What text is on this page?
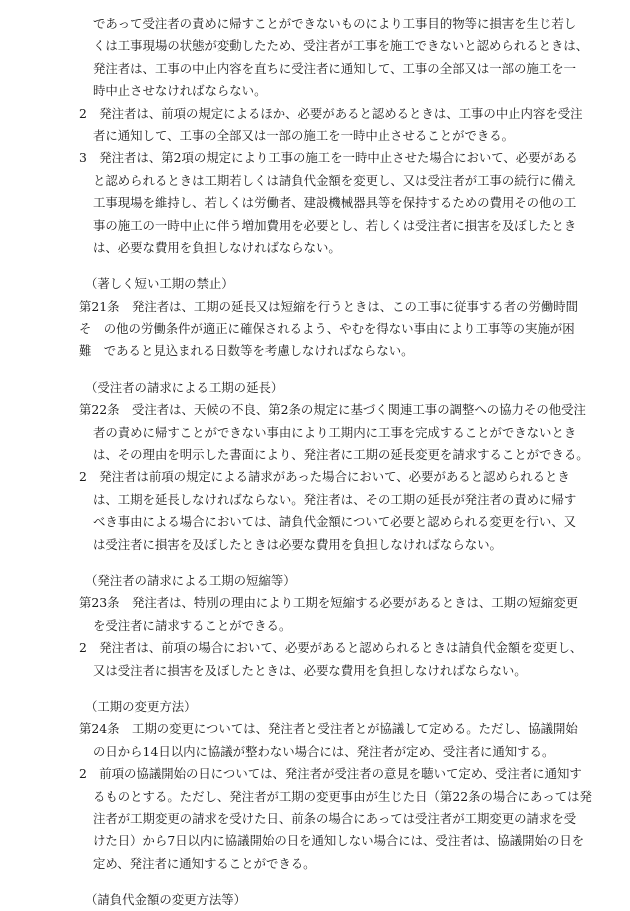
であって受注者の責めに帰すことができないものにより工事目的物等に損害を生じ若し
くは工事現場の状態が変動したため、受注者が工事を施工できないと認められるときは、
発注者は、工事の中止内容を直ちに受注者に通知して、工事の全部又は一部の施工を一
時中止させなければならない。
2　発注者は、前項の規定によるほか、必要があると認めるときは、工事の中止内容を受注
者に通知して、工事の全部又は一部の施工を一時中止させることができる。
3　発注者は、第2項の規定により工事の施工を一時中止させた場合において、必要がある
と認められるときは工期若しくは請負代金額を変更し、又は受注者が工事の続行に備え
工事現場を維持し、若しくは労働者、建設機械器具等を保持するための費用その他の工
事の施工の一時中止に伴う増加費用を必要とし、若しくは受注者に損害を及ぼしたとき
は、必要な費用を負担しなければならない。
（著しく短い工期の禁止）
第21条　発注者は、工期の延長又は短縮を行うときは、この工事に従事する者の労働時間
そ　の他の労働条件が適正に確保されるよう、やむを得ない事由により工事等の実施が困
難　であると見込まれる日数等を考慮しなければならない。
（受注者の請求による工期の延長）
第22条　受注者は、天候の不良、第2条の規定に基づく関連工事の調整への協力その他受注
者の責めに帰すことができない事由により工期内に工事を完成することができないとき
は、その理由を明示した書面により、発注者に工期の延長変更を請求することができる。
2　発注者は前項の規定による請求があった場合において、必要があると認められるとき
は、工期を延長しなければならない。発注者は、その工期の延長が発注者の責めに帰す
べき事由による場合においては、請負代金額について必要と認められる変更を行い、又
は受注者に損害を及ぼしたときは必要な費用を負担しなければならない。
（発注者の請求による工期の短縮等）
第23条　発注者は、特別の理由により工期を短縮する必要があるときは、工期の短縮変更
を受注者に請求することができる。
2　発注者は、前項の場合において、必要があると認められるときは請負代金額を変更し、
又は受注者に損害を及ぼしたときは、必要な費用を負担しなければならない。
（工期の変更方法）
第24条　工期の変更については、発注者と受注者とが協議して定める。ただし、協議開始
の日から14日以内に協議が整わない場合には、発注者が定め、受注者に通知する。
2　前項の協議開始の日については、発注者が受注者の意見を聴いて定め、受注者に通知す
るものとする。ただし、発注者が工期の変更事由が生じた日（第22条の場合にあっては発
注者が工期変更の請求を受けた日、前条の場合にあっては受注者が工期変更の請求を受
けた日）から7日以内に協議開始の日を通知しない場合には、受注者は、協議開始の日を
定め、発注者に通知することができる。
（請負代金額の変更方法等）
